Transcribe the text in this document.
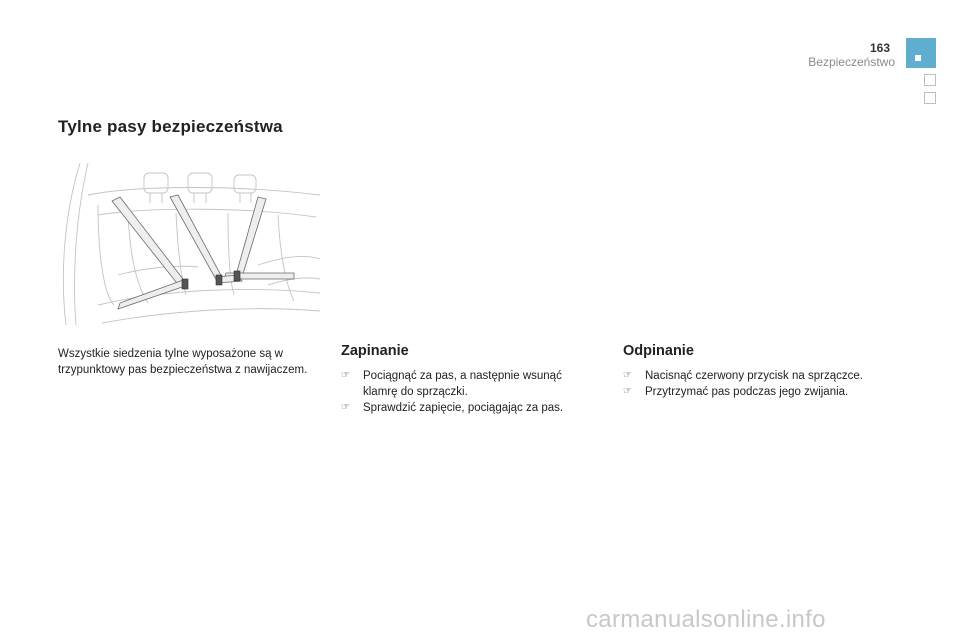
163
Bezpieczeństwo
Tylne pasy bezpieczeństwa
Wszystkie siedzenia tylne wyposażone są w trzypunktowy pas bezpieczeństwa z nawijaczem.
Zapinanie
☞ Pociągnąć za pas, a następnie wsunąć klamrę do sprzączki.
☞ Sprawdzić zapięcie, pociągając za pas.
Odpinanie
☞ Nacisnąć czerwony przycisk na sprzączce.
☞ Przytrzymać pas podczas jego zwijania.
carmanualsonline.info
